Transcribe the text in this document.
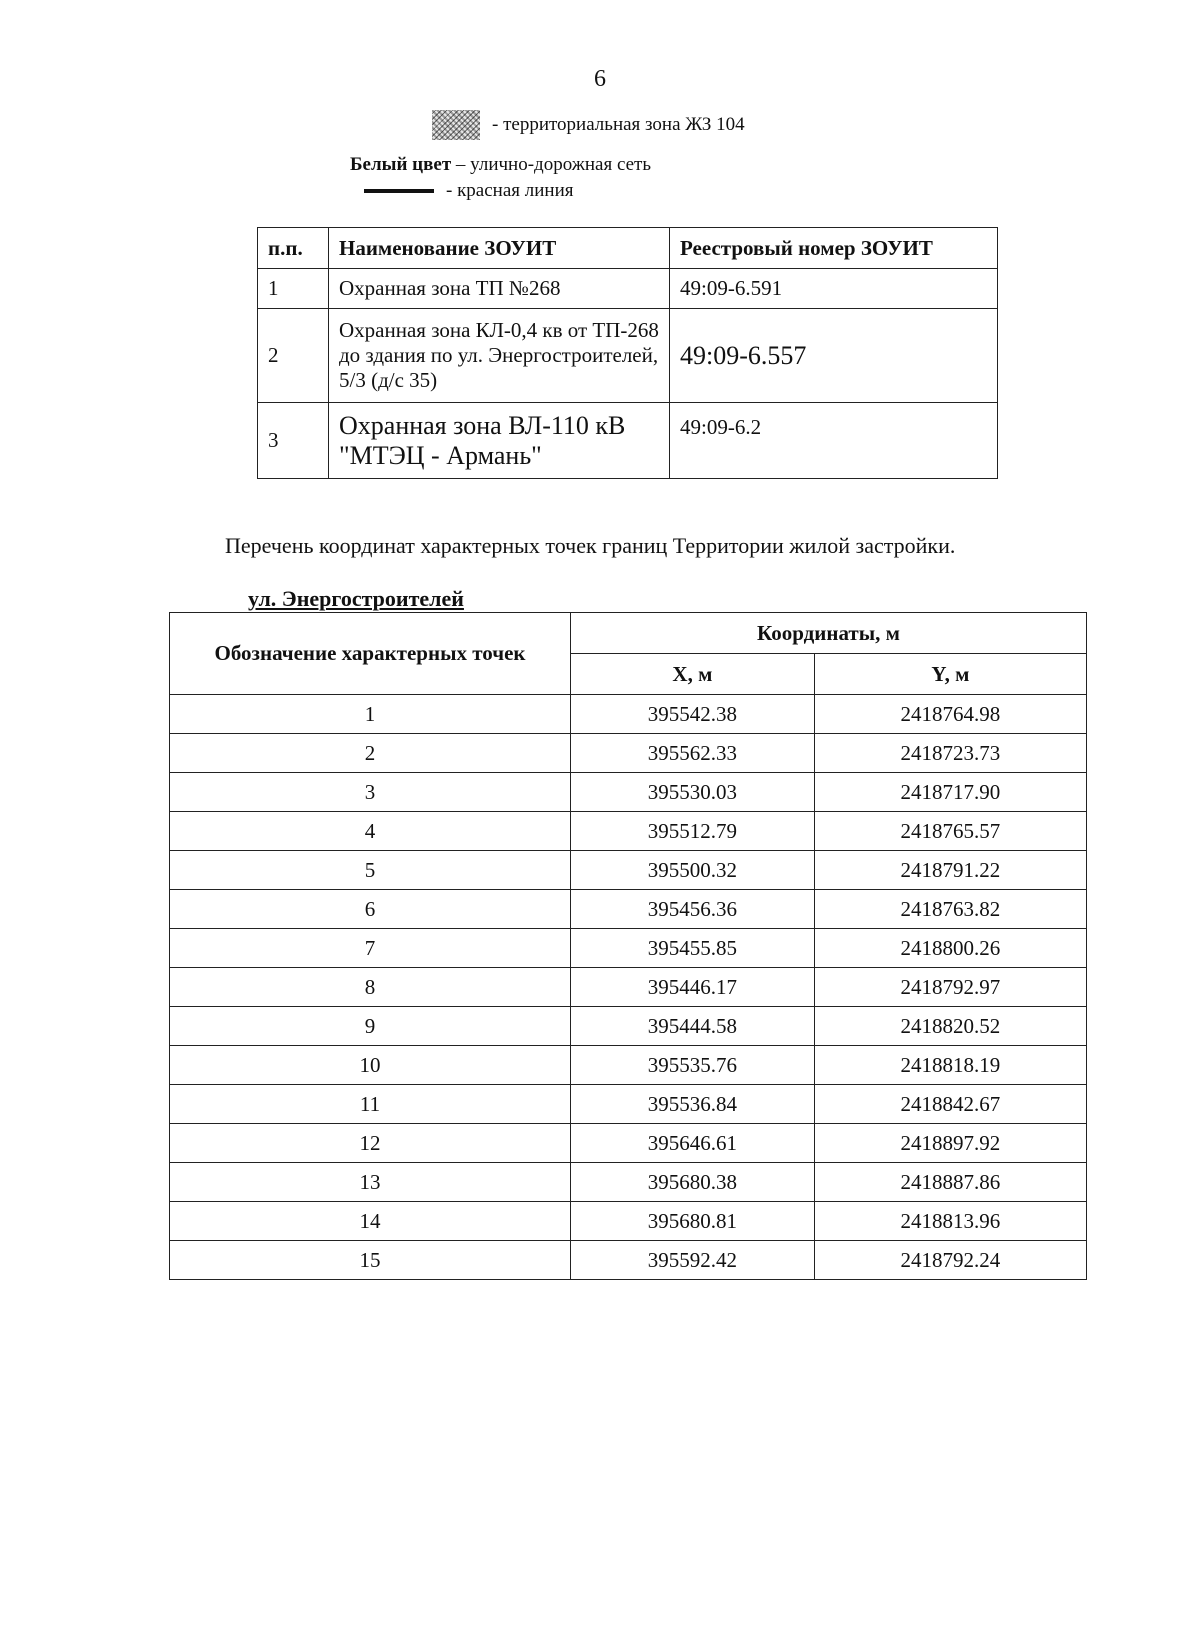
6
- территориальная зона ЖЗ 104
Белый цвет – улично-дорожная сеть
- красная линия
п.п.	Наименование ЗОУИТ	Реестровый номер ЗОУИТ
1	Охранная зона ТП №268	49:09-6.591
2	Охранная зона КЛ-0,4 кв от ТП-268 до здания по ул. Энергостроителей, 5/3 (д/с 35)	49:09-6.557
3	Охранная зона ВЛ-110 кВ "МТЭЦ - Армань"	49:09-6.2
Перечень координат характерных точек границ Территории жилой застройки.
ул. Энергостроителей
Обозначение характерных точек	Координаты, м	
	X, м	Y, м
1	395542.38	2418764.98
2	395562.33	2418723.73
3	395530.03	2418717.90
4	395512.79	2418765.57
5	395500.32	2418791.22
6	395456.36	2418763.82
7	395455.85	2418800.26
8	395446.17	2418792.97
9	395444.58	2418820.52
10	395535.76	2418818.19
11	395536.84	2418842.67
12	395646.61	2418897.92
13	395680.38	2418887.86
14	395680.81	2418813.96
15	395592.42	2418792.24
